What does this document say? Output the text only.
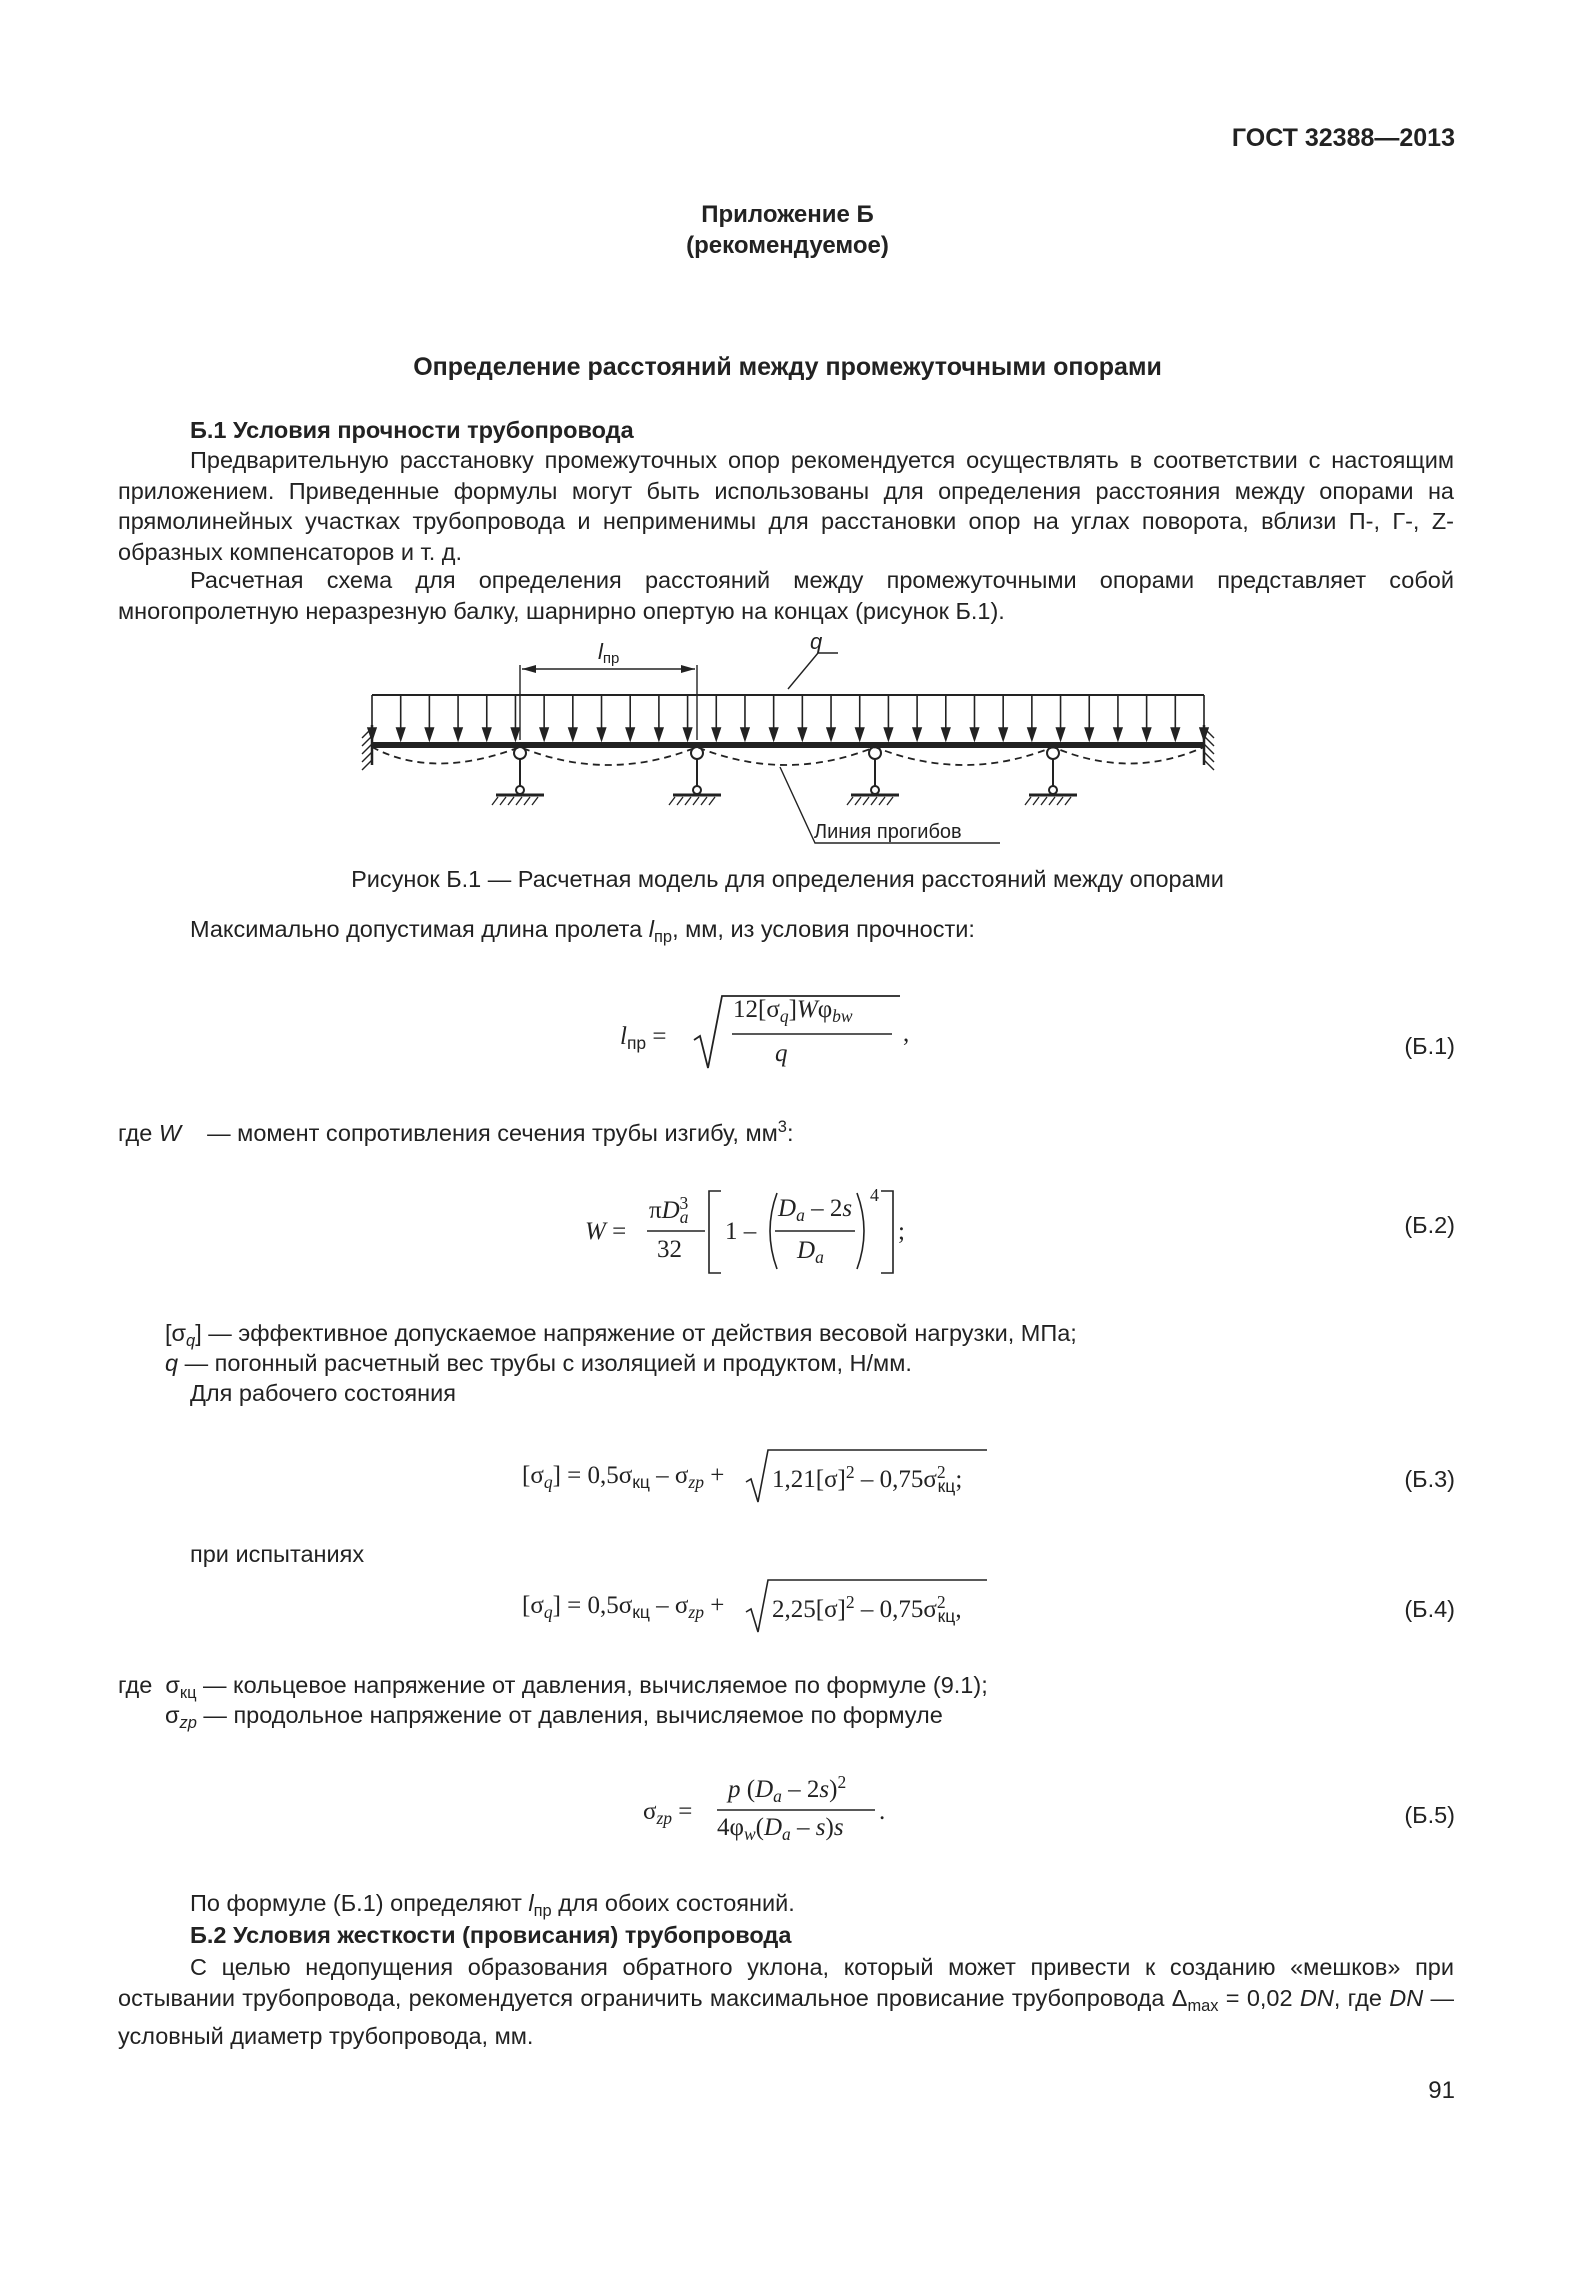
ГОСТ 32388—2013
Приложение Б
(рекомендуемое)
Определение расстояний между промежуточными опорами
Б.1 Условия прочности трубопровода
Предварительную расстановку промежуточных опор рекомендуется осуществлять в соответствии с настоящим приложением. Приведенные формулы могут быть использованы для определения расстояния между опорами на прямолинейных участках трубопровода и неприменимы для расстановки опор на углах поворота, вблизи П-, Г-, Z- образных компенсаторов и т. д.
Расчетная схема для определения расстояний между промежуточными опорами представляет собой многопролетную неразрезную балку, шарнирно опертую на концах (рисунок Б.1).
lпр
q
Линия прогибов
Рисунок Б.1 — Расчетная модель для определения расстояний между опорами
Максимально допустимая длина пролета $l_{пр}$, мм, из условия прочности:
$l_{пр}$ =
$12[\sigma_q]W\varphi_{bw}$
q
,	(Б.1)
где W    — момент сопротивления сечения трубы изгибу, $мм^3$:
W =
$\pi D_a^3$
32
1 –
$D_a - 2s$
$D_a$
4
;	(Б.2)
$[\sigma_q]$ — эффективное допускаемое напряжение от действия весовой нагрузки, МПа;
q — погонный расчетный вес трубы с изоляцией и продуктом, Н/мм.
Для рабочего состояния
$[\sigma_q] = 0,5\sigma_{кц} - \sigma_{zp} + 1,21[\sigma]^2 - 0,75\sigma^2_{кц}$;	(Б.3)
при испытаниях
$[\sigma_q] = 0,5\sigma_{кц} - \sigma_{zp} + 2,25[\sigma]^2 - 0,75\sigma^2_{кц}$,	(Б.4)
где  $\sigma_{кц}$ — кольцевое напряжение от давления, вычисляемое по формуле (9.1);
$\sigma_{zp}$ — продольное напряжение от давления, вычисляемое по формуле
$\sigma_{zp}$ =
p $(D_a - 2s)^2$
$4\varphi_w(D_a - s)s$
.	(Б.5)
По формуле (Б.1) определяют $l_{пр}$ для обоих состояний.
Б.2 Условия жесткости (провисания) трубопровода
С целью недопущения образования обратного уклона, который может привести к созданию «мешков» при остывании трубопровода, рекомендуется ограничить максимальное провисание трубопровода $\Delta_{max} = 0,02$ DN, где DN — условный диаметр трубопровода, мм.
91
